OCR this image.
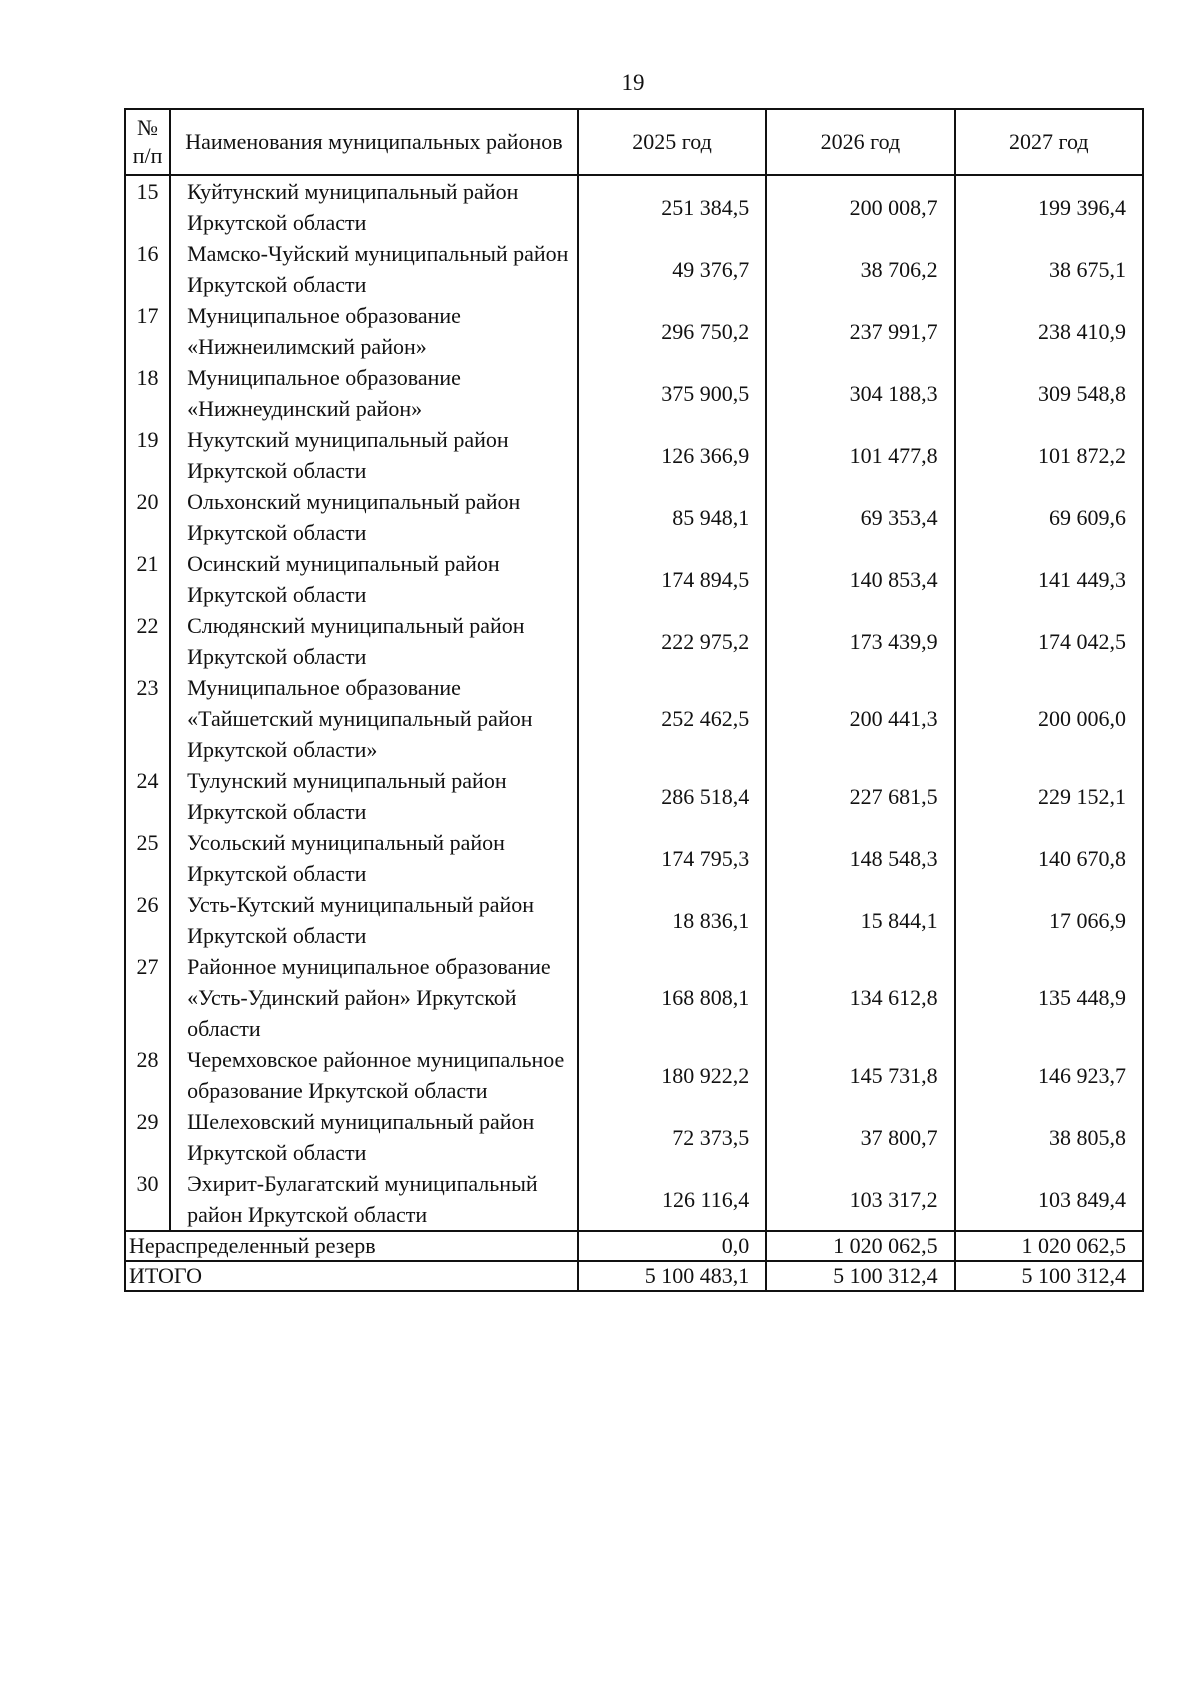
19
№ п/п	Наименования муниципальных районов	2025 год	2026 год	2027 год
15	Куйтунский муниципальный район Иркутской области	251 384,5	200 008,7	199 396,4
16	Мамско-Чуйский муниципальный район Иркутской области	49 376,7	38 706,2	38 675,1
17	Муниципальное образование «Нижнеилимский район»	296 750,2	237 991,7	238 410,9
18	Муниципальное образование «Нижнеудинский район»	375 900,5	304 188,3	309 548,8
19	Нукутский муниципальный район Иркутской области	126 366,9	101 477,8	101 872,2
20	Ольхонский муниципальный район Иркутской области	85 948,1	69 353,4	69 609,6
21	Осинский муниципальный район Иркутской области	174 894,5	140 853,4	141 449,3
22	Слюдянский муниципальный район Иркутской области	222 975,2	173 439,9	174 042,5
23	Муниципальное образование «Тайшетский муниципальный район Иркутской области»	252 462,5	200 441,3	200 006,0
24	Тулунский муниципальный район Иркутской области	286 518,4	227 681,5	229 152,1
25	Усольский муниципальный район Иркутской области	174 795,3	148 548,3	140 670,8
26	Усть-Кутский муниципальный район Иркутской области	18 836,1	15 844,1	17 066,9
27	Районное муниципальное образование «Усть-Удинский район» Иркутской области	168 808,1	134 612,8	135 448,9
28	Черемховское районное муниципальное образование Иркутской области	180 922,2	145 731,8	146 923,7
29	Шелеховский муниципальный район Иркутской области	72 373,5	37 800,7	38 805,8
30	Эхирит-Булагатский муниципальный район Иркутской области	126 116,4	103 317,2	103 849,4
Нераспределенный резерв		0,0	1 020 062,5	1 020 062,5
ИТОГО		5 100 483,1	5 100 312,4	5 100 312,4
